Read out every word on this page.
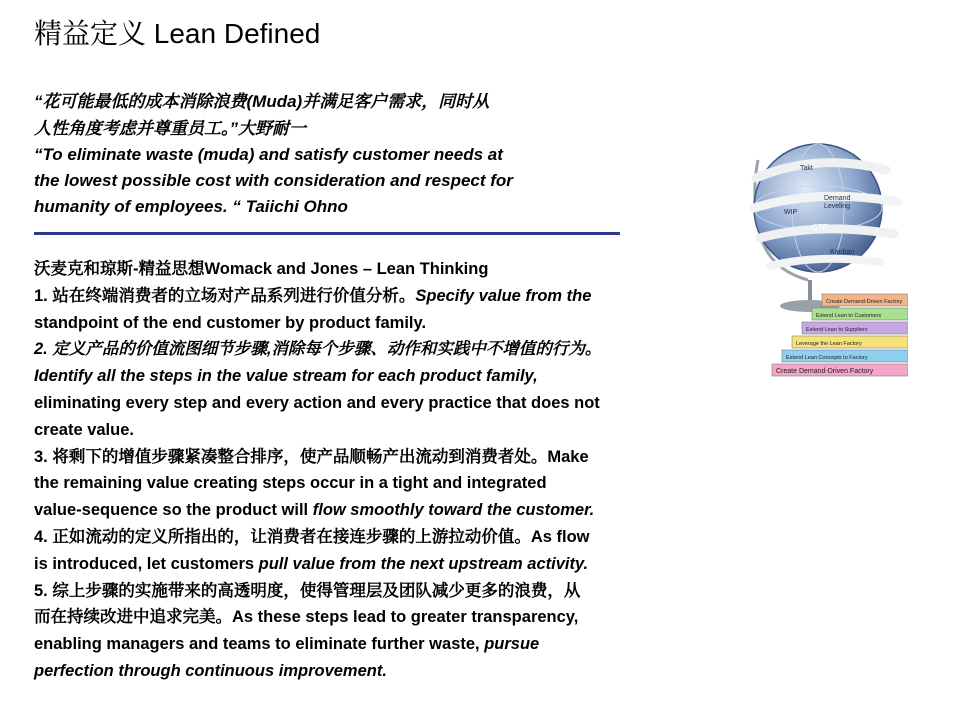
精益定义 Lean Defined
“花可能最低的成本消除浪费(Muda)并满足客户需求，同时从
人性角度考虑并尊重员工。”大野耐一
“To eliminate waste (muda) and satisfy customer needs at
the lowest possible cost with consideration and respect for
humanity of employees. “ Taiichi Ohno
沃麦克和琼斯-精益思想Womack and Jones – Lean Thinking
1. 站在终端消费者的立场对产品系列进行价值分析。Specify value from the
standpoint of the end customer by product family.
2. 定义产品的价值流图细节步骤,消除每个步骤、动作和实践中不增值的行为。
Identify all the steps in the value stream for each product family,
eliminating every step and every action and every practice that does not
create value.
3. 将剩下的增值步骤紧凑整合排序，使产品顺畅产出流动到消费者处。Make
the remaining value creating steps occur in a tight and integrated
value-sequence so the product will flow smoothly toward the customer.
4. 正如流动的定义所指出的，让消费者在接连步骤的上游拉动价值。As flow
is introduced, let customers pull value from the next upstream activity.
5. 综上步骤的实施带来的高透明度，使得管理层及团队减少更多的浪费，从
而在持续改进中追求完美。As these steps lead to greater transparency,
enabling managers and teams to eliminate further waste, pursue
perfection through continuous improvement.
Takt
Demand
Leveling
CTP
Kanban
WIP
Create Demand-Driven Factory
Extend Lean Concepts to Factory
Leverage the Lean Factory
Extend Lean to Suppliers
Extend Lean to Customers
Create Demand-Driven Factory
